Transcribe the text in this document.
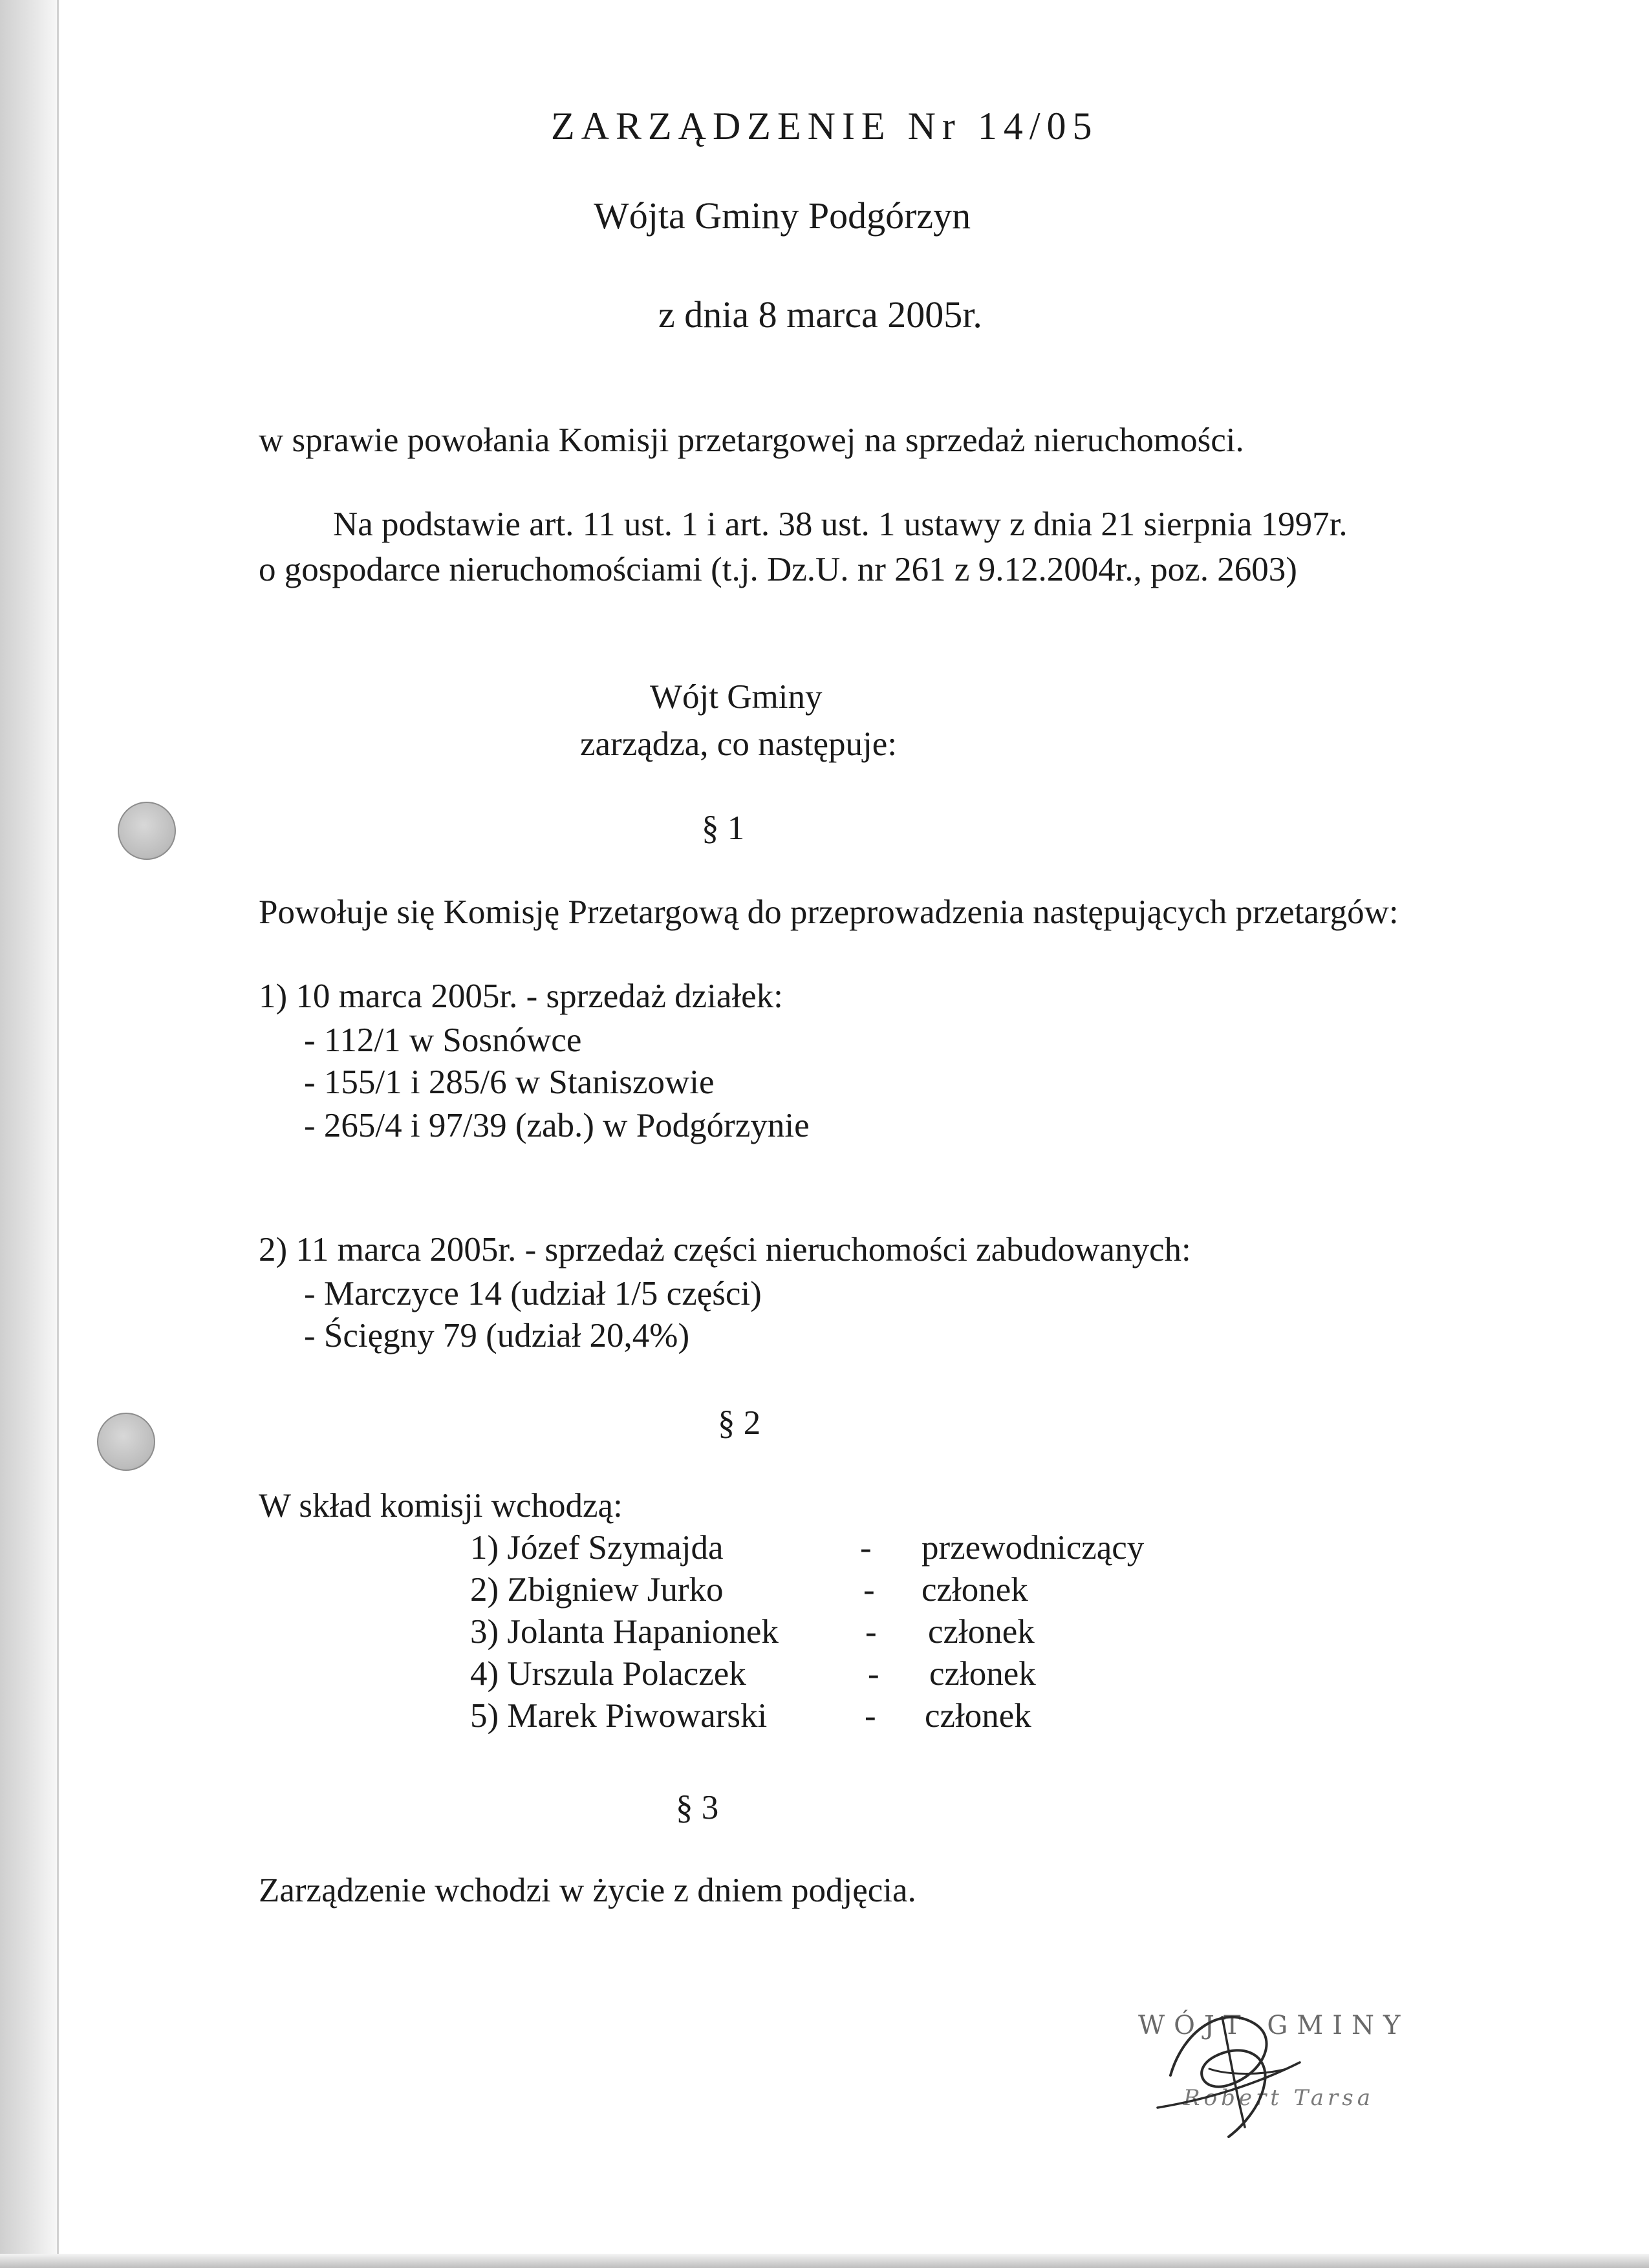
ZARZĄDZENIE Nr 14/05
Wójta Gminy Podgórzyn
z dnia 8 marca 2005r.
w sprawie powołania Komisji przetargowej na sprzedaż nieruchomości.
Na podstawie art. 11 ust. 1 i art. 38 ust. 1 ustawy z dnia 21 sierpnia 1997r.
o gospodarce nieruchomościami (t.j. Dz.U. nr 261 z 9.12.2004r., poz. 2603)
Wójt Gminy
zarządza, co następuje:
§ 1
Powołuje się Komisję Przetargową do przeprowadzenia następujących przetargów:
1) 10 marca 2005r. - sprzedaż działek:
- 112/1 w Sosnówce
- 155/1 i 285/6 w Staniszowie
- 265/4 i 97/39 (zab.) w Podgórzynie
2) 11 marca 2005r. - sprzedaż części nieruchomości zabudowanych:
- Marczyce 14 (udział 1/5 części)
- Ścięgny 79 (udział 20,4%)
§ 2
W skład komisji wchodzą:
1) Józef Szymajda	- przewodniczący
2) Zbigniew Jurko	- członek
3) Jolanta Hapanionek	- członek
4) Urszula Polaczek	- członek
5) Marek Piwowarski	- członek
§ 3
Zarządzenie wchodzi w życie z dniem podjęcia.
WÓJT GMINY
Robert Tarsa
